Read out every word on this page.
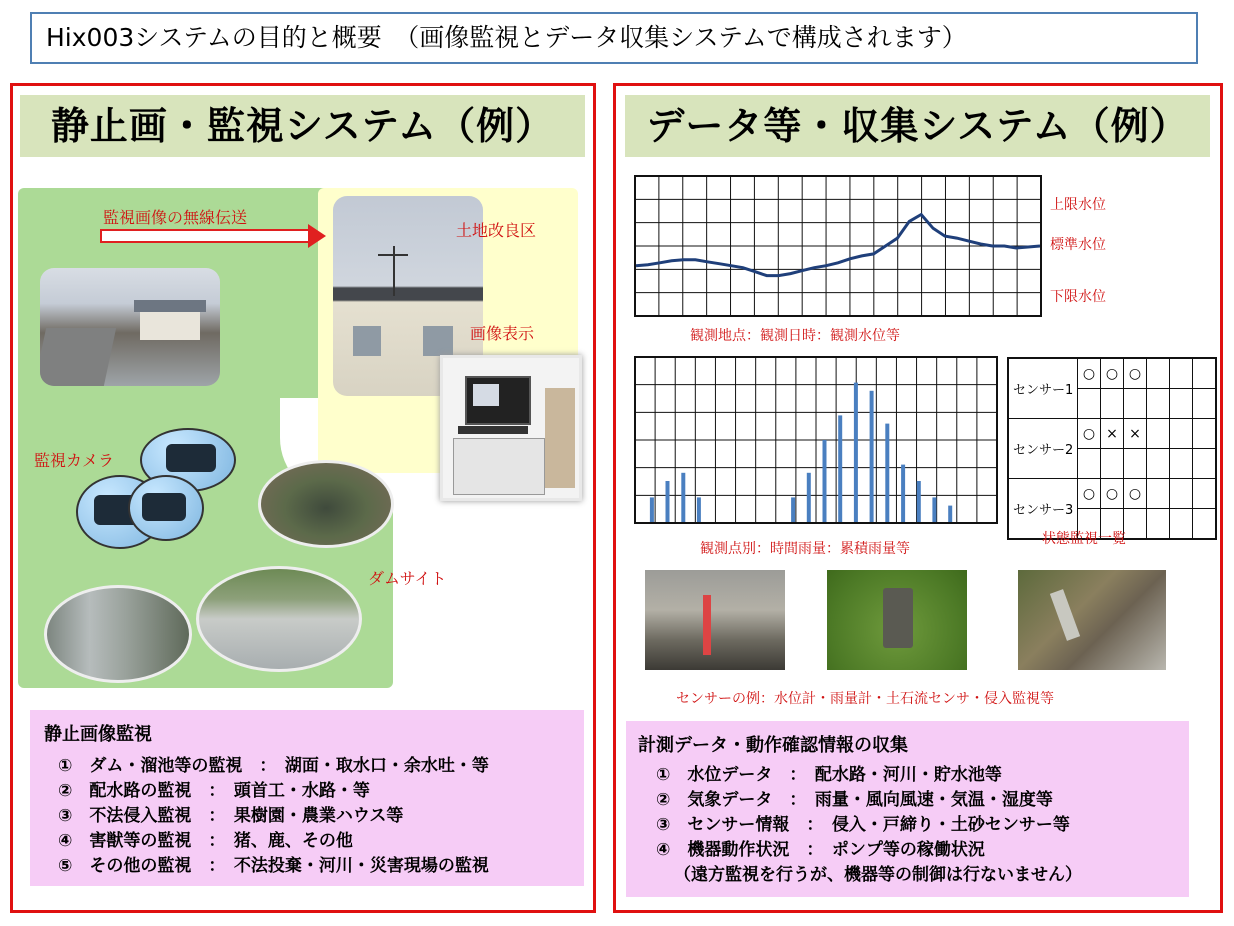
Hix003システムの目的と概要　（画像監視とデータ収集システムで構成されます）
静止画・監視システム（例）
監視画像の無線伝送
土地改良区
画像表示
監視カメラ
ダムサイト
静止画像監視
①　ダム・溜池等の監視　：　湖面・取水口・余水吐・等
②　配水路の監視　：　頭首工・水路・等
③　不法侵入監視　：　果樹園・農業ハウス等
④　害獣等の監視　：　猪、鹿、その他
⑤　その他の監視　：　不法投棄・河川・災害現場の監視
データ等・収集システム（例）
上限水位
標準水位
下限水位
観測地点：観測日時：観測水位等
観測点別：時間雨量：累積雨量等
センサー1	○	○	○			

センサー2	○	×	×			

センサー3	○	○	○			

状態監視一覧
センサーの例：水位計・雨量計・土石流センサ・侵入監視等
計測データ・動作確認情報の収集
①　水位データ　：　配水路・河川・貯水池等
②　気象データ　：　雨量・風向風速・気温・湿度等
③　センサー情報　：　侵入・戸締り・土砂センサー等
④　機器動作状況　：　ポンプ等の稼働状況
（遠方監視を行うが、機器等の制御は行ないません）
